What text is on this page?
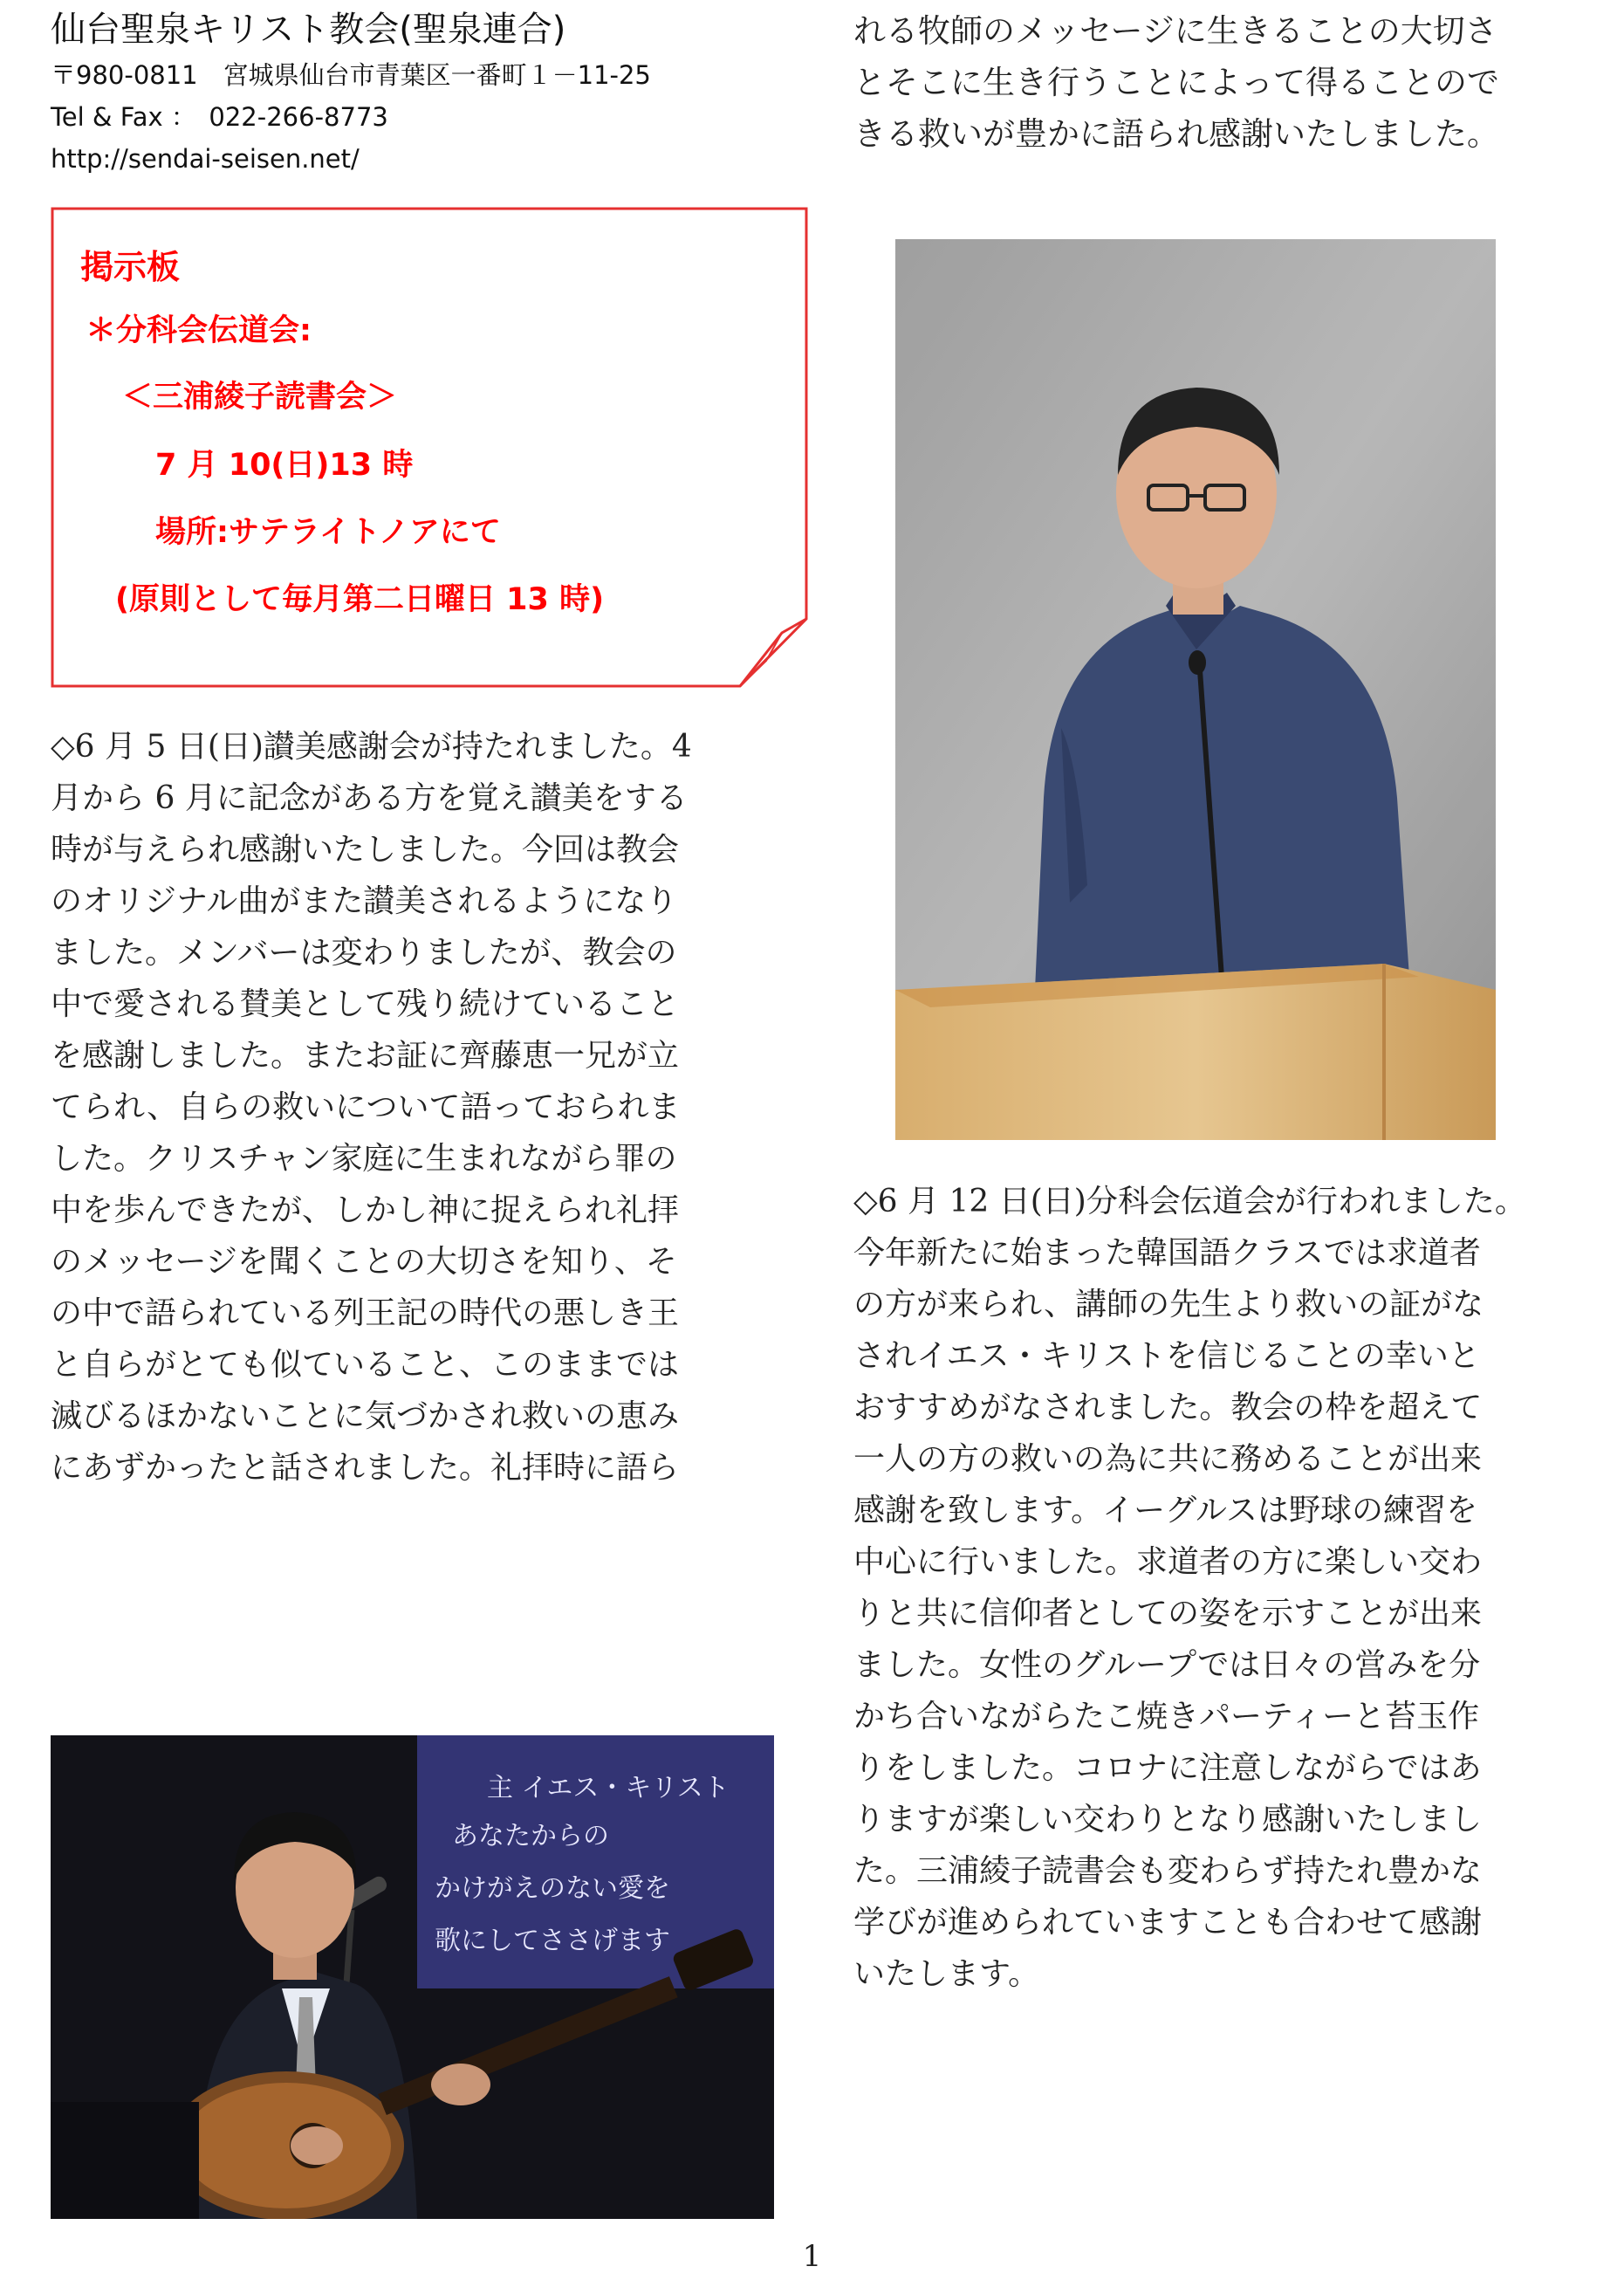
仙台聖泉キリスト教会(聖泉連合)
〒980-0811　宮城県仙台市青葉区一番町１－11-25
Tel & Fax ：　022-266-8773
http://sendai-seisen.net/
掲示板
＊分科会伝道会:
＜三浦綾子読書会＞
7 月 10(日)13 時
場所:サテライトノアにて
(原則として毎月第二日曜日 13 時)
◇6 月 5 日(日)讃美感謝会が持たれました。4
月から 6 月に記念がある方を覚え讃美をする
時が与えられ感謝いたしました。今回は教会
のオリジナル曲がまた讃美されるようになり
ました。メンバーは変わりましたが、教会の
中で愛される賛美として残り続けていること
を感謝しました。またお証に齊藤恵一兄が立
てられ、自らの救いについて語っておられま
した。クリスチャン家庭に生まれながら罪の
中を歩んできたが、しかし神に捉えられ礼拝
のメッセージを聞くことの大切さを知り、そ
の中で語られている列王記の時代の悪しき王
と自らがとても似ていること、このままでは
滅びるほかないことに気づかされ救いの恵み
にあずかったと話されました。礼拝時に語ら
れる牧師のメッセージに生きることの大切さ
とそこに生き行うことによって得ることので
きる救いが豊かに語られ感謝いたしました。
◇6 月 12 日(日)分科会伝道会が行われました。
今年新たに始まった韓国語クラスでは求道者
の方が来られ、講師の先生より救いの証がな
されイエス・キリストを信じることの幸いと
おすすめがなされました。教会の枠を超えて
一人の方の救いの為に共に務めることが出来
感謝を致します。イーグルスは野球の練習を
中心に行いました。求道者の方に楽しい交わ
りと共に信仰者としての姿を示すことが出来
ました。女性のグループでは日々の営みを分
かち合いながらたこ焼きパーティーと苔玉作
りをしました。コロナに注意しながらではあ
りますが楽しい交わりとなり感謝いたしまし
た。三浦綾子読書会も変わらず持たれ豊かな
学びが進められていますことも合わせて感謝
いたします。
主 イエス・キリスト
あなたからの
かけがえのない愛を
歌にしてささげます
1
